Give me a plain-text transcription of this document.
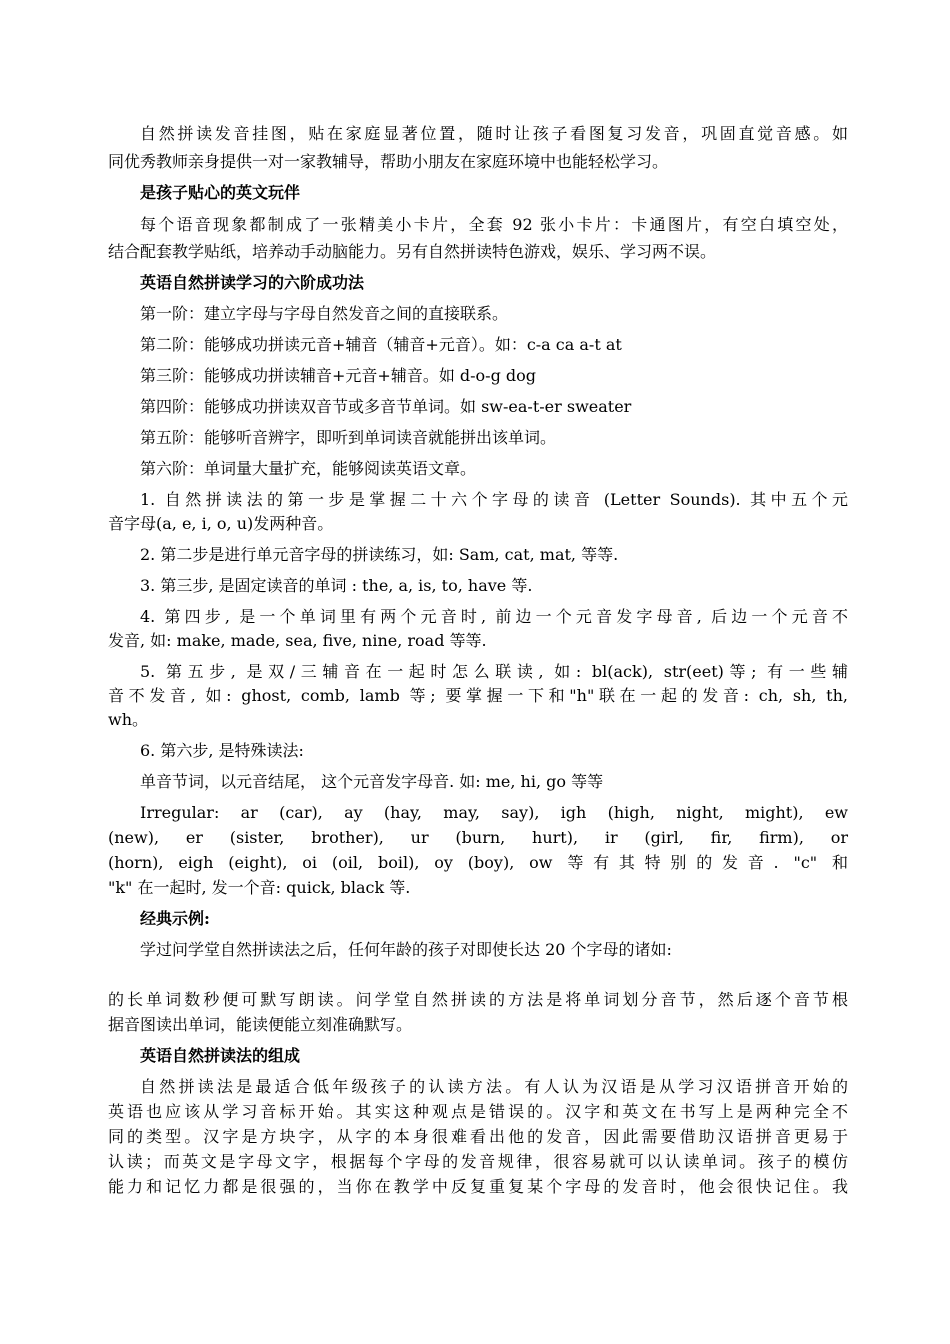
自然拼读发音挂图，贴在家庭显著位置，随时让孩子看图复习发音，巩固直觉音感。如
同优秀教师亲身提供一对一家教辅导，帮助小朋友在家庭环境中也能轻松学习。
是孩子贴心的英文玩伴
每个语音现象都制成了一张精美小卡片，全套 92 张小卡片：卡通图片，有空白填空处，
结合配套教学贴纸，培养动手动脑能力。另有自然拼读特色游戏，娱乐、学习两不误。
英语自然拼读学习的六阶成功法
第一阶：建立字母与字母自然发音之间的直接联系。
第二阶：能够成功拼读元音+辅音（辅音+元音）。如：c-a ca a-t at
第三阶：能够成功拼读辅音+元音+辅音。如 d-o-g dog
第四阶：能够成功拼读双音节或多音节单词。如 sw-ea-t-er sweater
第五阶：能够听音辨字，即听到单词读音就能拼出该单词。
第六阶：单词量大量扩充，能够阅读英语文章。
1. 自然拼读法的第一步是掌握二十六个字母的读音 (Letter Sounds). 其中五个元
音字母(a, e, i, o, u)发两种音。
2. 第二步是进行单元音字母的拼读练习，如: Sam, cat, mat, 等等.
3. 第三步, 是固定读音的单词 : the, a, is, to, have 等.
4. 第四步, 是一个单词里有两个元音时, 前边一个元音发字母音, 后边一个元音不
发音, 如: make, made, sea, five, nine, road 等等.
5. 第五步, 是双/三辅音在一起时怎么联读, 如: bl(ack), str(eet)等; 有一些辅
音不发音, 如: ghost, comb, lamb 等; 要掌握一下和"h"联在一起的发音: ch, sh, th,
wh。
6. 第六步, 是特殊读法:
单音节词，以元音结尾， 这个元音发字母音. 如: me, hi, go 等等
Irregular: ar (car), ay (hay, may, say), igh (high, night, might), ew
(new), er (sister, brother), ur (burn, hurt), ir (girl, fir, firm), or
(horn), eigh (eight), oi (oil, boil), oy (boy), ow 等有其特别的发音. "c" 和
"k" 在一起时, 发一个音: quick, black 等.
经典示例:
学过问学堂自然拼读法之后，任何年龄的孩子对即使长达 20 个字母的诸如:
的长单词数秒便可默写朗读。问学堂自然拼读的方法是将单词划分音节，然后逐个音节根
据音图读出单词，能读便能立刻准确默写。
英语自然拼读法的组成
自然拼读法是最适合低年级孩子的认读方法。有人认为汉语是从学习汉语拼音开始的
英语也应该从学习音标开始。其实这种观点是错误的。汉字和英文在书写上是两种完全不
同的类型。汉字是方块字，从字的本身很难看出他的发音，因此需要借助汉语拼音更易于
认读；而英文是字母文字，根据每个字母的发音规律，很容易就可以认读单词。孩子的模仿
能力和记忆力都是很强的，当你在教学中反复重复某个字母的发音时，他会很快记住。我
